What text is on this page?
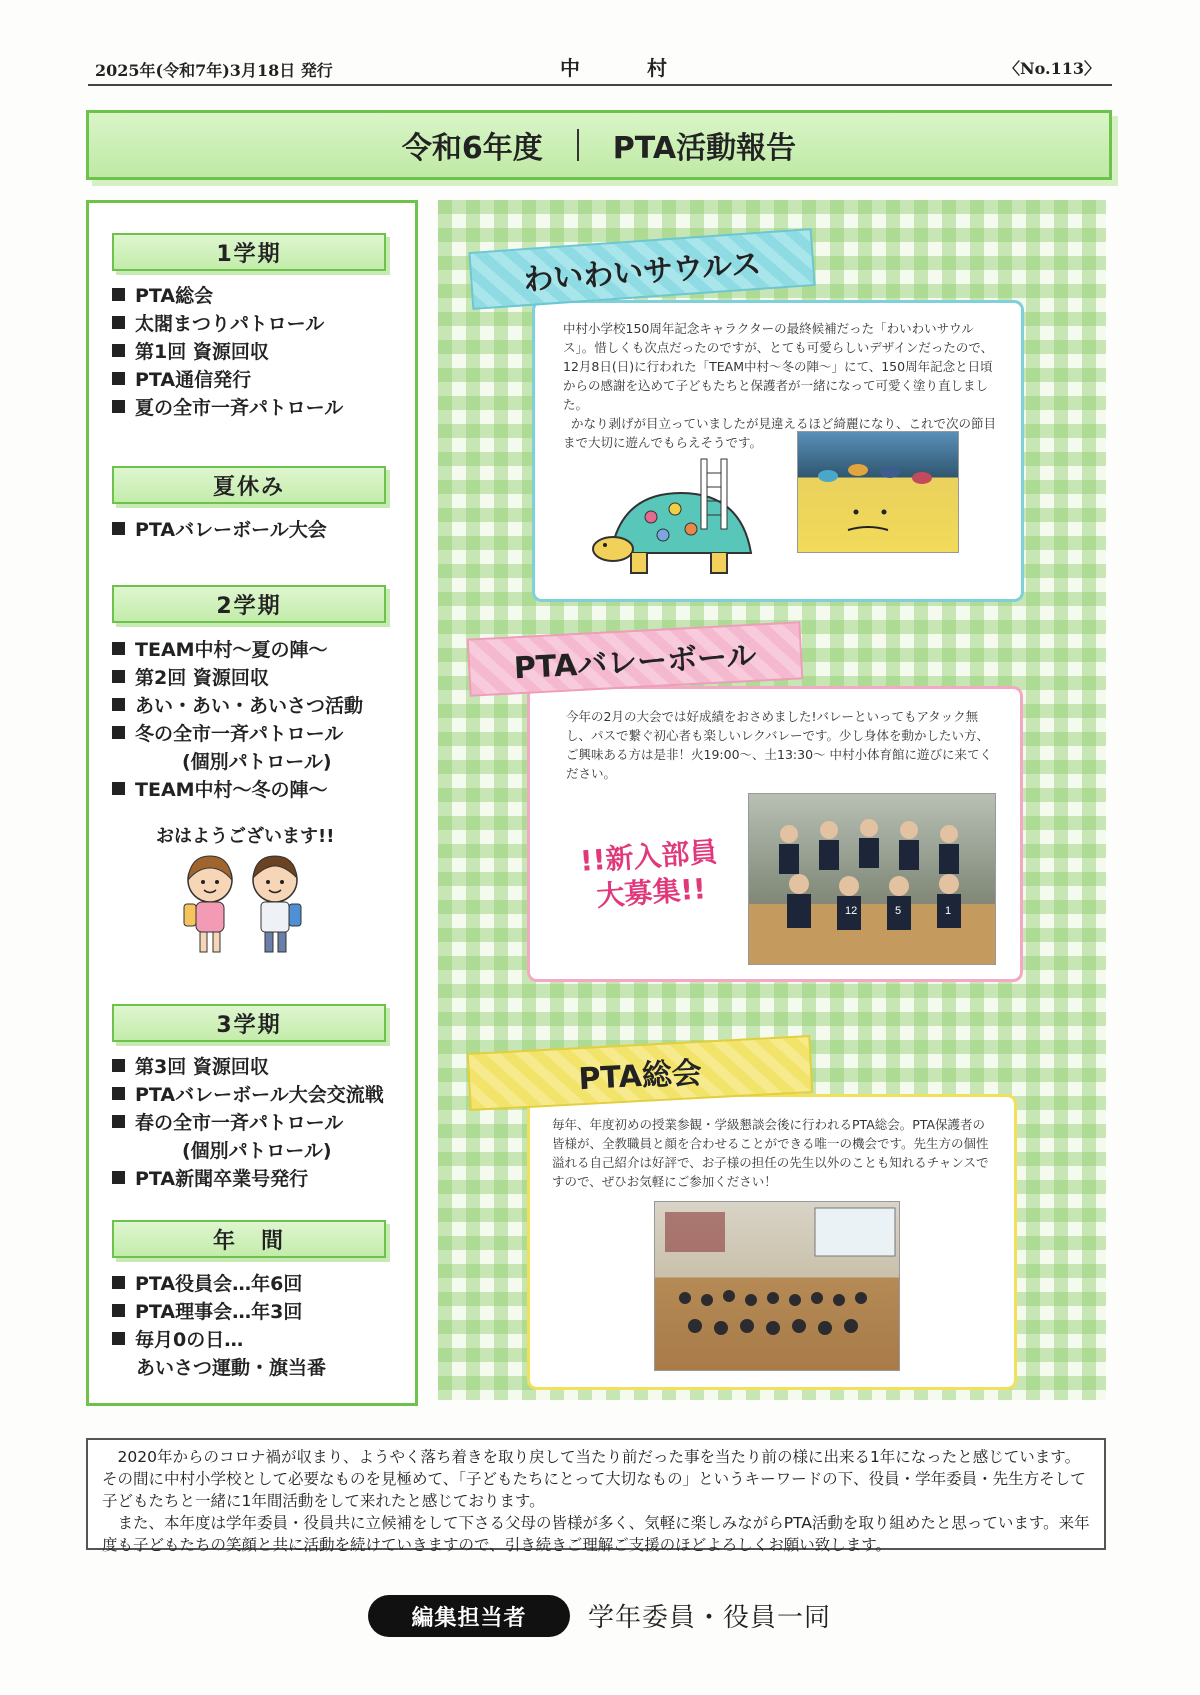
2025年(令和7年)3月18日 発行	中 村	〈No.113〉
令和6年度 PTA活動報告
1学期
PTA総会
太閤まつりパトロール
第1回 資源回収
PTA通信発行
夏の全市一斉パトロール
夏休み
PTAバレーボール大会
2学期
TEAM中村～夏の陣～
第2回 資源回収
あい・あい・あいさつ活動
冬の全市一斉パトロール
(個別パトロール)
TEAM中村～冬の陣～
おはようございます!!
3学期
第3回 資源回収
PTAバレーボール大会交流戦
春の全市一斉パトロール
(個別パトロール)
PTA新聞卒業号発行
年　間
PTA役員会…年6回
PTA理事会…年3回
毎月0の日…
あいさつ運動・旗当番

中村小学校150周年記念キャラクターの最終候補だった「わいわいサウルス」。惜しくも次点だったのですが、とても可愛らしいデザインだったので、12月8日(日)に行われた「TEAM中村～冬の陣～」にて、150周年記念と日頃からの感謝を込めて子どもたちと保護者が一緒になって可愛く塗り直しました。
かなり剥げが目立っていましたが見違えるほど綺麗になり、これで次の節目まで大切に遊んでもらえそうです。

わいわいサウルス

今年の2月の大会では好成績をおさめました!バレーといってもアタック無し、パスで繋ぐ初心者も楽しいレクバレーです。少し身体を動かしたい方、ご興味ある方は是非！火19:00～、土13:30～ 中村小体育館に遊びに来てください。

!!新入部員
大募集!!	12	5	1
PTAバレーボール

毎年、年度初めの授業参観・学級懇談会後に行われるPTA総会。PTA保護者の皆様が、全教職員と顔を合わせることができる唯一の機会です。先生方の個性溢れる自己紹介は好評で、お子様の担任の先生以外のことも知れるチャンスですので、ぜひお気軽にご参加ください！

PTA総会

2020年からのコロナ禍が収まり、ようやく落ち着きを取り戻して当たり前だった事を当たり前の様に出来る1年になったと感じています。その間に中村小学校として必要なものを見極めて、「子どもたちにとって大切なもの」というキーワードの下、役員・学年委員・先生方そして子どもたちと一緒に1年間活動をして来れたと感じております。

また、本年度は学年委員・役員共に立候補をして下さる父母の皆様が多く、気軽に楽しみながらPTA活動を取り組めたと思っています。来年度も子どもたちの笑顔と共に活動を続けていきますので、引き続きご理解ご支援のほどよろしくお願い致します。

編集担当者	学年委員・役員一同
